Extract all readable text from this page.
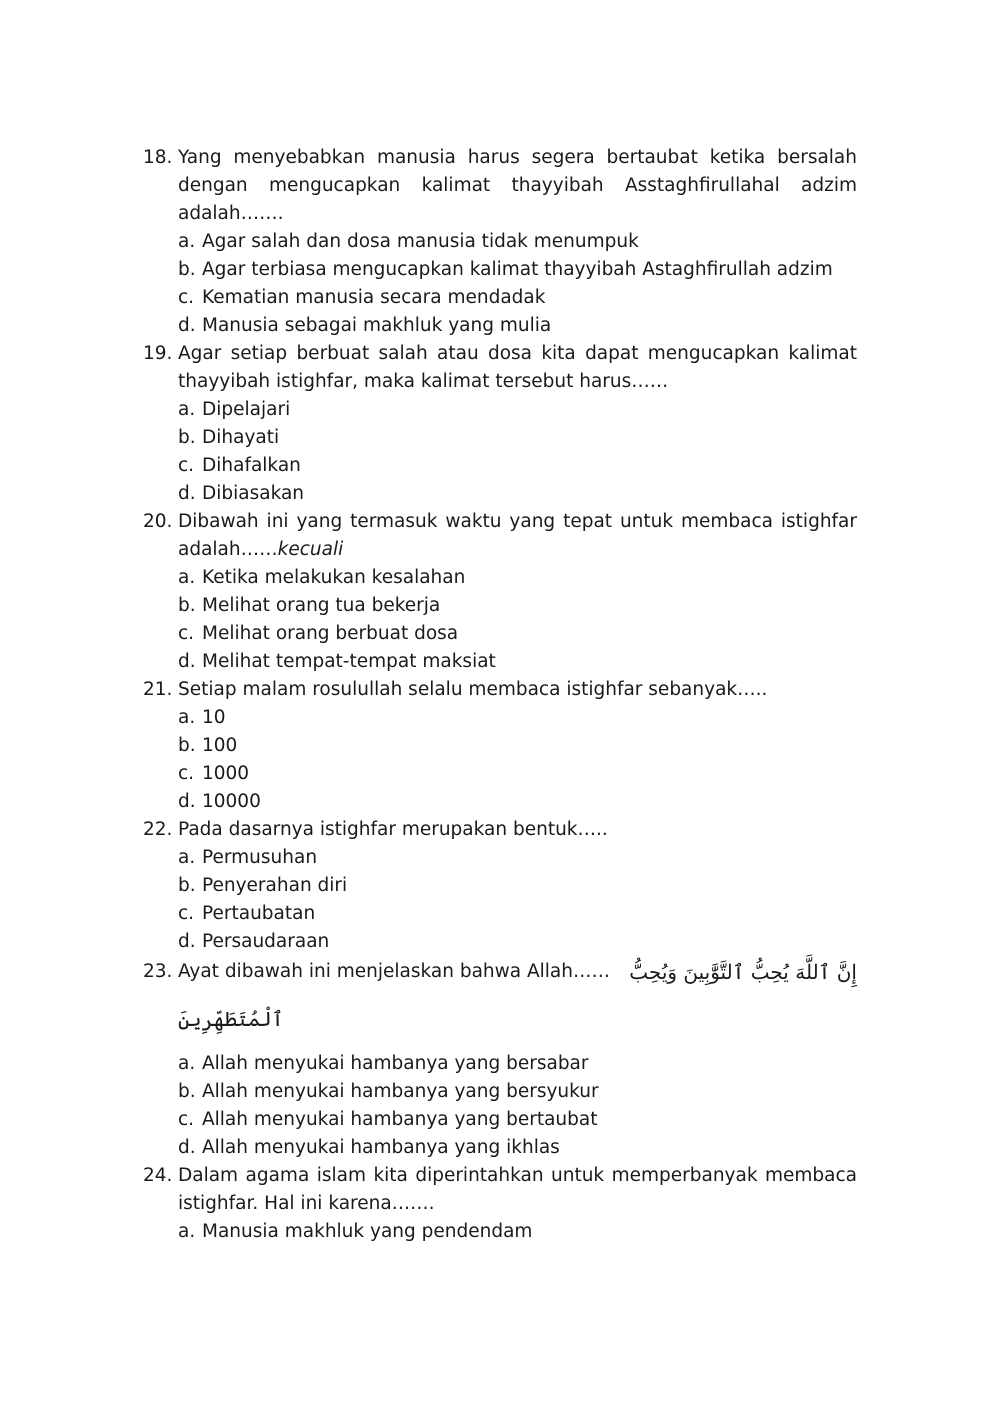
18. Yang menyebabkan manusia harus segera bertaubat ketika bersalah
dengan mengucapkan kalimat thayyibah Asstaghfirullahal adzim adalah…….
a. Agar salah dan dosa manusia tidak menumpuk
b. Agar terbiasa mengucapkan kalimat thayyibah Astaghfirullah adzim
c. Kematian manusia secara mendadak
d. Manusia sebagai makhluk yang mulia
19. Agar setiap berbuat salah atau dosa kita dapat mengucapkan kalimat
thayyibah istighfar, maka kalimat tersebut harus……
a. Dipelajari
b. Dihayati
c. Dihafalkan
d. Dibiasakan
20. Dibawah ini yang termasuk waktu yang tepat untuk membaca istighfar
adalah……kecuali
a. Ketika melakukan kesalahan
b. Melihat orang tua bekerja
c. Melihat orang berbuat dosa
d. Melihat tempat-tempat maksiat
21. Setiap malam rosulullah selalu membaca istighfar sebanyak…..
a. 10
b. 100
c. 1000
d. 10000
22. Pada dasarnya istighfar merupakan bentuk…..
a. Permusuhan
b. Penyerahan diri
c. Pertaubatan
d. Persaudaraan
23. Ayat dibawah ini menjelaskan bahwa Allah…… إِنَّ ٱللَّهَ يُحِبُّ ٱلتَّوَّٰبِينَ وَيُحِبُّ
ٱلْمُتَطَهِّرِينَ
a. Allah menyukai hambanya yang bersabar
b. Allah menyukai hambanya yang bersyukur
c. Allah menyukai hambanya yang bertaubat
d. Allah menyukai hambanya yang ikhlas
24. Dalam agama islam kita diperintahkan untuk memperbanyak membaca
istighfar. Hal ini karena…….
a. Manusia makhluk yang pendendam
